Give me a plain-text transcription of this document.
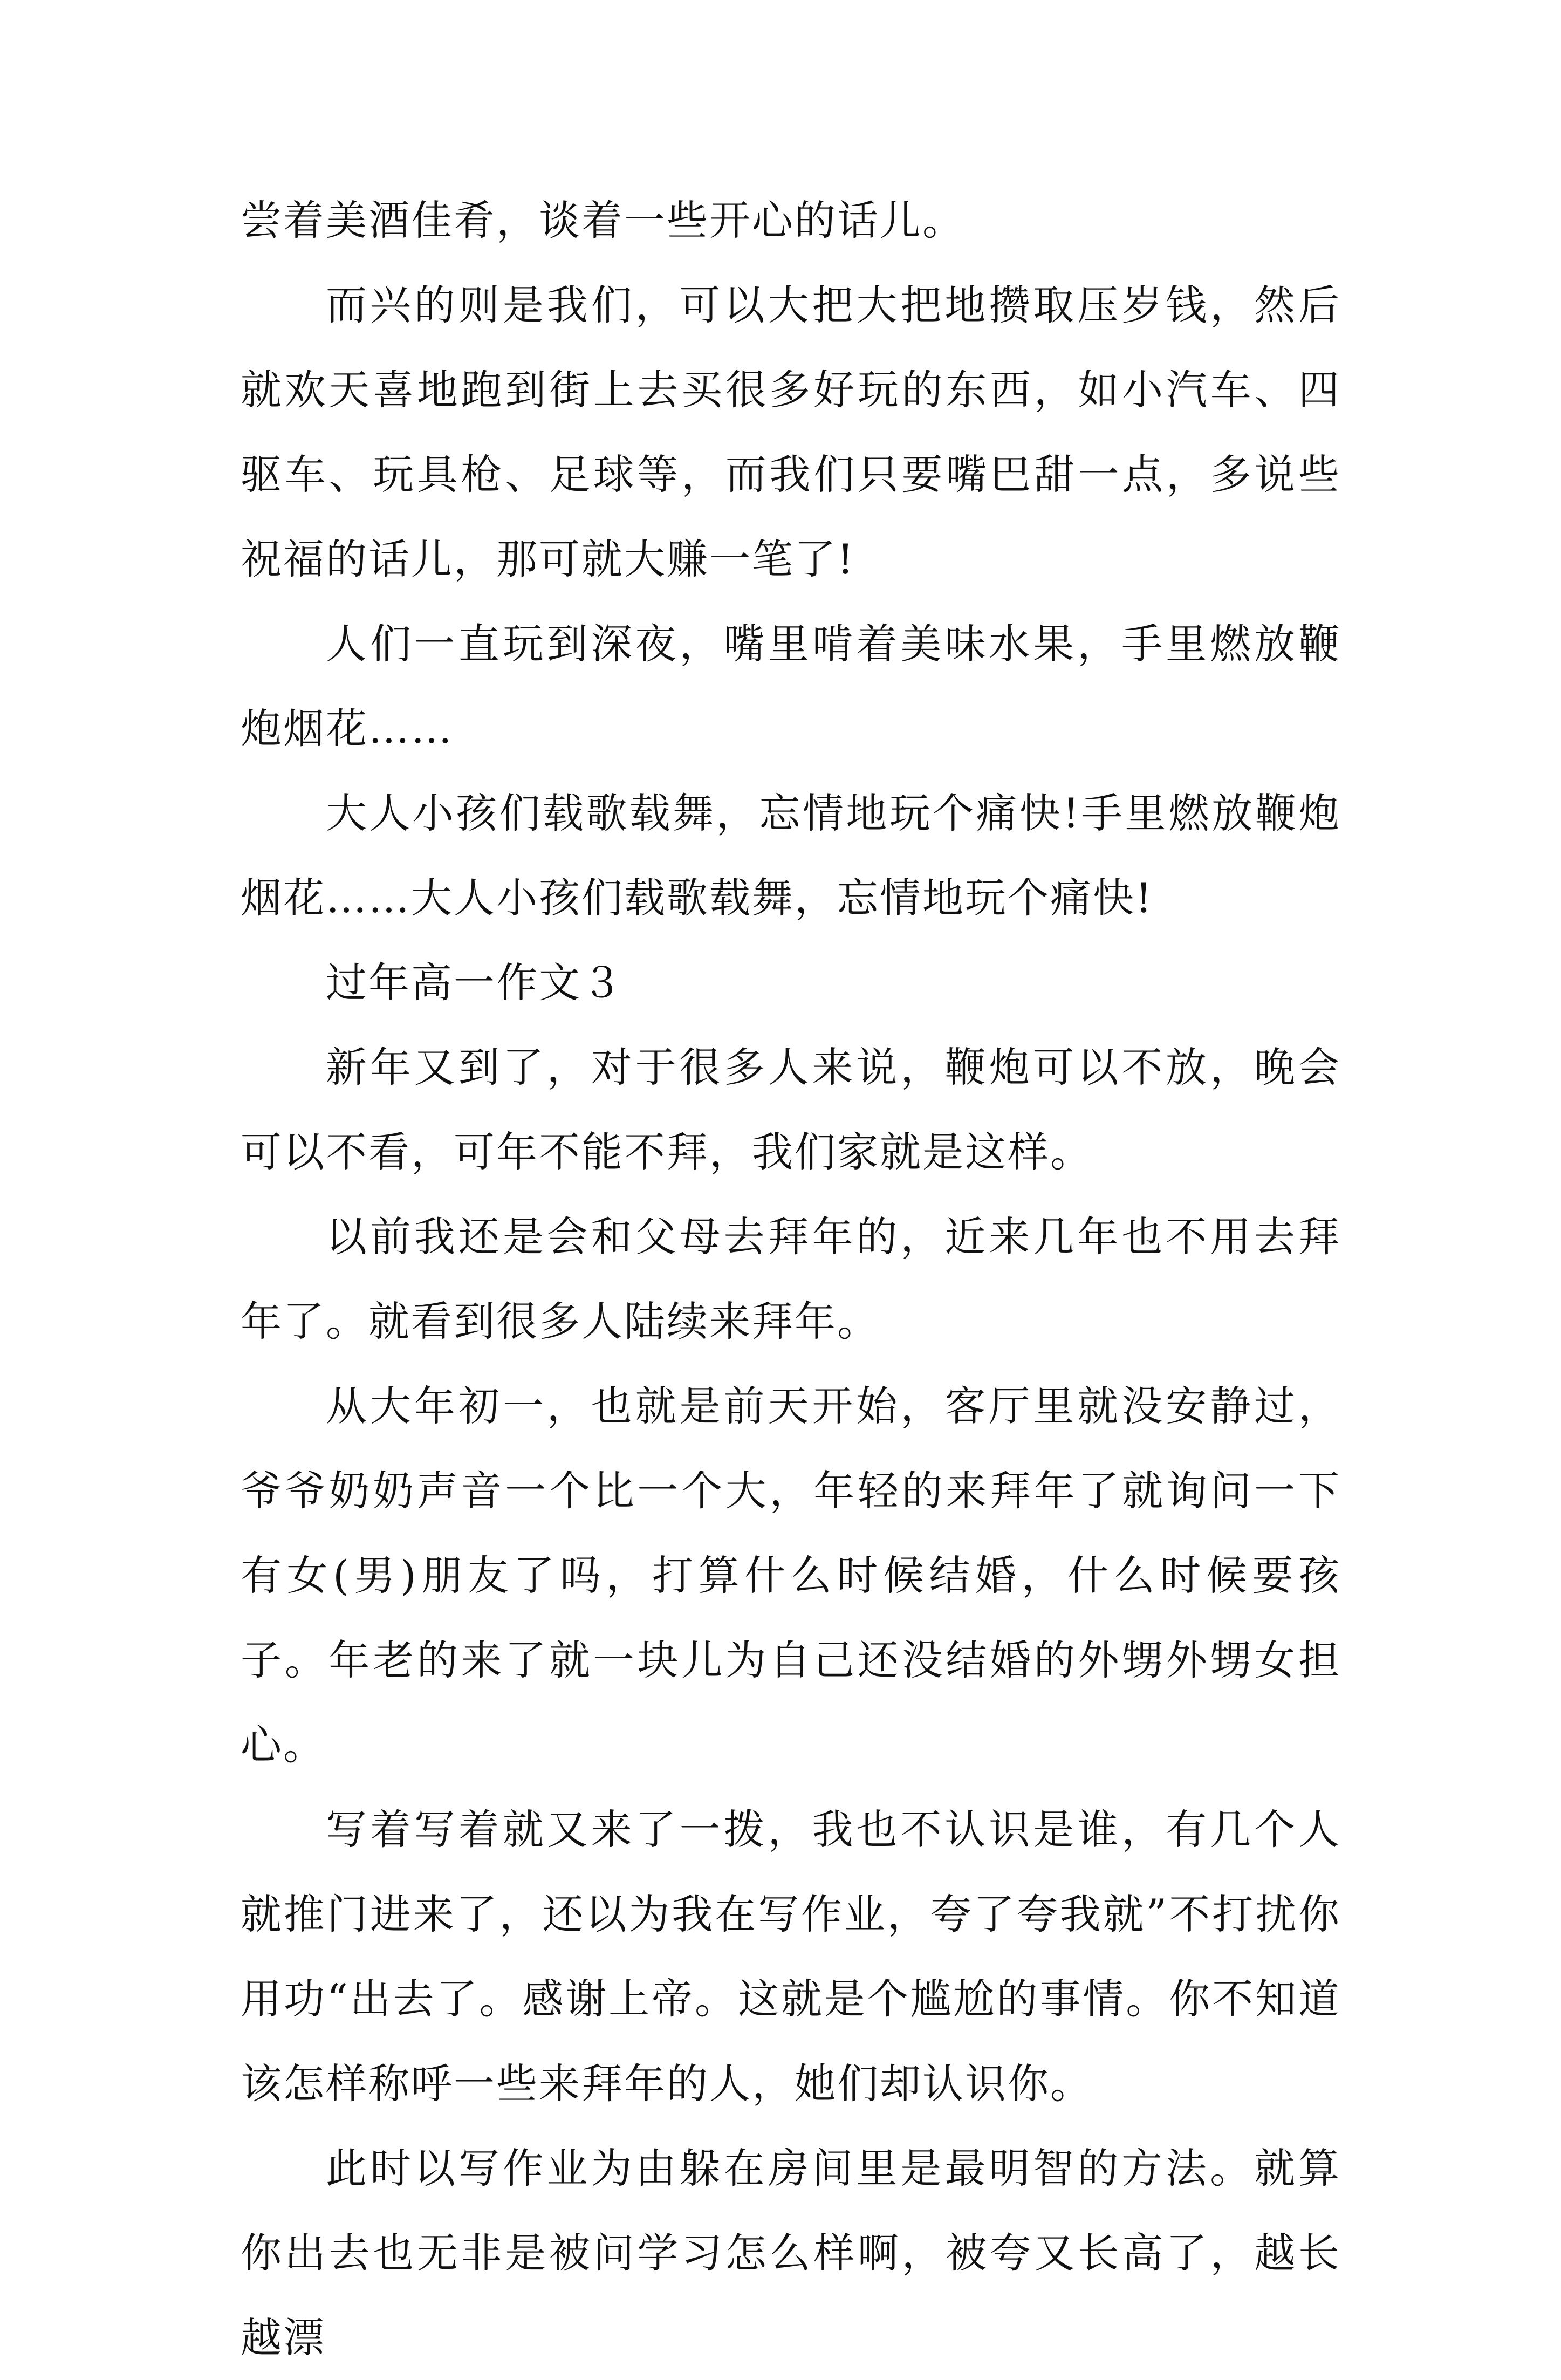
尝着美酒佳肴，谈着一些开心的话儿。

而兴的则是我们，可以大把大把地攒取压岁钱，然后就欢天喜地跑到街上去买很多好玩的东西，如小汽车、四驱车、玩具枪、足球等，而我们只要嘴巴甜一点，多说些祝福的话儿，那可就大赚一笔了!

人们一直玩到深夜，嘴里啃着美味水果，手里燃放鞭炮烟花……

大人小孩们载歌载舞，忘情地玩个痛快!手里燃放鞭炮烟花……大人小孩们载歌载舞，忘情地玩个痛快!

过年高一作文３

新年又到了，对于很多人来说，鞭炮可以不放，晚会可以不看，可年不能不拜，我们家就是这样。

以前我还是会和父母去拜年的，近来几年也不用去拜年了。就看到很多人陆续来拜年。

从大年初一，也就是前天开始，客厅里就没安静过，爷爷奶奶声音一个比一个大，年轻的来拜年了就询问一下有女(男)朋友了吗，打算什么时候结婚，什么时候要孩子。年老的来了就一块儿为自己还没结婚的外甥外甥女担心。

写着写着就又来了一拨，我也不认识是谁，有几个人就推门进来了，还以为我在写作业，夸了夸我就”不打扰你用功“出去了。感谢上帝。这就是个尴尬的事情。你不知道该怎样称呼一些来拜年的人，她们却认识你。

此时以写作业为由躲在房间里是最明智的方法。就算你出去也无非是被问学习怎么样啊，被夸又长高了，越长越漂
